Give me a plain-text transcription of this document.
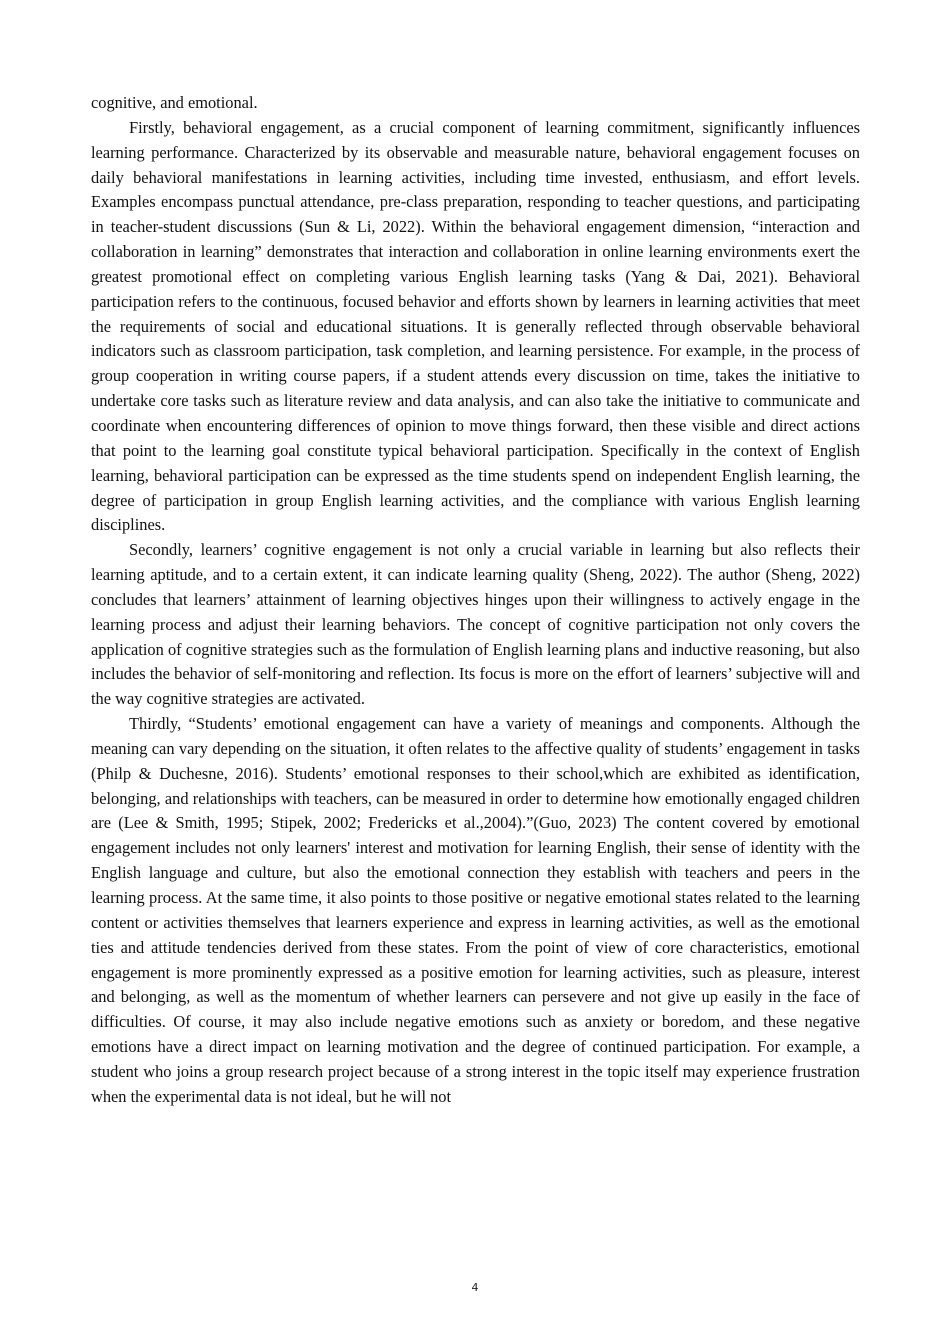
cognitive, and emotional.

Firstly, behavioral engagement, as a crucial component of learning commitment, significantly influences learning performance. Characterized by its observable and measurable nature, behavioral engagement focuses on daily behavioral manifestations in learning activities, including time invested, enthusiasm, and effort levels. Examples encompass punctual attendance, pre-class preparation, responding to teacher questions, and participating in teacher-student discussions (Sun & Li, 2022). Within the behavioral engagement dimension, “interaction and collaboration in learning” demonstrates that interaction and collaboration in online learning environments exert the greatest promotional effect on completing various English learning tasks (Yang & Dai, 2021). Behavioral participation refers to the continuous, focused behavior and efforts shown by learners in learning activities that meet the requirements of social and educational situations. It is generally reflected through observable behavioral indicators such as classroom participation, task completion, and learning persistence. For example, in the process of group cooperation in writing course papers, if a student attends every discussion on time, takes the initiative to undertake core tasks such as literature review and data analysis, and can also take the initiative to communicate and coordinate when encountering differences of opinion to move things forward, then these visible and direct actions that point to the learning goal constitute typical behavioral participation. Specifically in the context of English learning, behavioral participation can be expressed as the time students spend on independent English learning, the degree of participation in group English learning activities, and the compliance with various English learning disciplines.

Secondly, learners’ cognitive engagement is not only a crucial variable in learning but also reflects their learning aptitude, and to a certain extent, it can indicate learning quality (Sheng, 2022). The author (Sheng, 2022) concludes that learners’ attainment of learning objectives hinges upon their willingness to actively engage in the learning process and adjust their learning behaviors. The concept of cognitive participation not only covers the application of cognitive strategies such as the formulation of English learning plans and inductive reasoning, but also includes the behavior of self-monitoring and reflection. Its focus is more on the effort of learners’ subjective will and the way cognitive strategies are activated.

Thirdly, “Students’ emotional engagement can have a variety of meanings and components. Although the meaning can vary depending on the situation, it often relates to the affective quality of students’ engagement in tasks (Philp & Duchesne, 2016). Students’ emotional responses to their school,which are exhibited as identification, belonging, and relationships with teachers, can be measured in order to determine how emotionally engaged children are (Lee & Smith, 1995; Stipek, 2002; Fredericks et al.,2004).”(Guo, 2023) The content covered by emotional engagement includes not only learners' interest and motivation for learning English, their sense of identity with the English language and culture, but also the emotional connection they establish with teachers and peers in the learning process. At the same time, it also points to those positive or negative emotional states related to the learning content or activities themselves that learners experience and express in learning activities, as well as the emotional ties and attitude tendencies derived from these states. From the point of view of core characteristics, emotional engagement is more prominently expressed as a positive emotion for learning activities, such as pleasure, interest and belonging, as well as the momentum of whether learners can persevere and not give up easily in the face of difficulties. Of course, it may also include negative emotions such as anxiety or boredom, and these negative emotions have a direct impact on learning motivation and the degree of continued participation. For example, a student who joins a group research project because of a strong interest in the topic itself may experience frustration when the experimental data is not ideal, but he will not

4
